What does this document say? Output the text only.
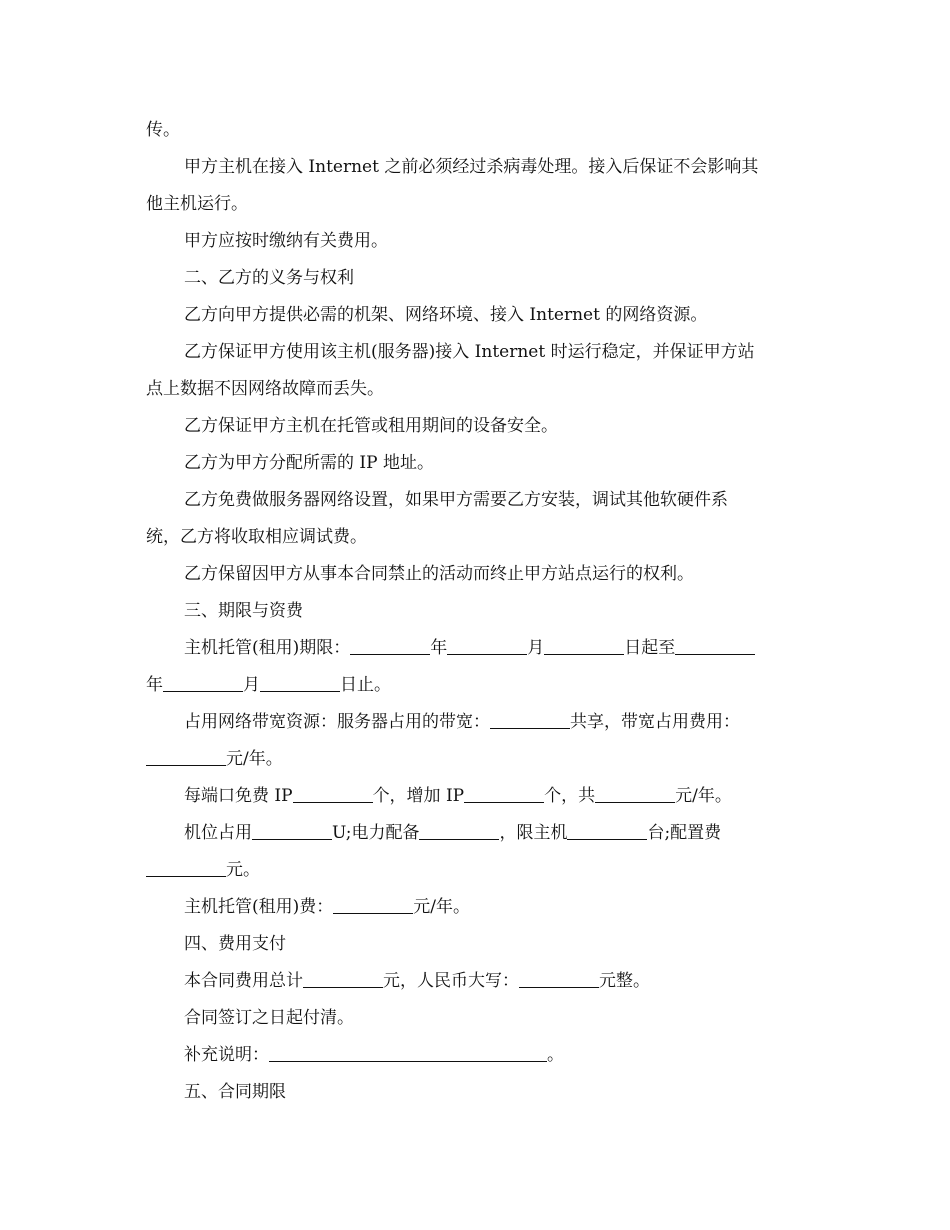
传。

甲方主机在接入 Internet 之前必须经过杀病毒处理。接入后保证不会影响其

他主机运行。

甲方应按时缴纳有关费用。

二、乙方的义务与权利

乙方向甲方提供必需的机架、网络环境、接入 Internet 的网络资源。

乙方保证甲方使用该主机(服务器)接入 Internet 时运行稳定，并保证甲方站

点上数据不因网络故障而丢失。

乙方保证甲方主机在托管或租用期间的设备安全。

乙方为甲方分配所需的 IP 地址。

乙方免费做服务器网络设置，如果甲方需要乙方安装，调试其他软硬件系

统，乙方将收取相应调试费。

乙方保留因甲方从事本合同禁止的活动而终止甲方站点运行的权利。

三、期限与资费

主机托管(租用)期限：	年	月	日起至

年	月	日止。

占用网络带宽资源：服务器占用的带宽：	共享，带宽占用费用：

元/年。

每端口免费 IP	个，增加 IP	个，共	元/年。

机位占用	U;电力配备	，限主机	台;配置费

元。

主机托管(租用)费：	元/年。

四、费用支付

本合同费用总计	元，人民币大写：	元整。

合同签订之日起付清。

补充说明：	。

五、合同期限
